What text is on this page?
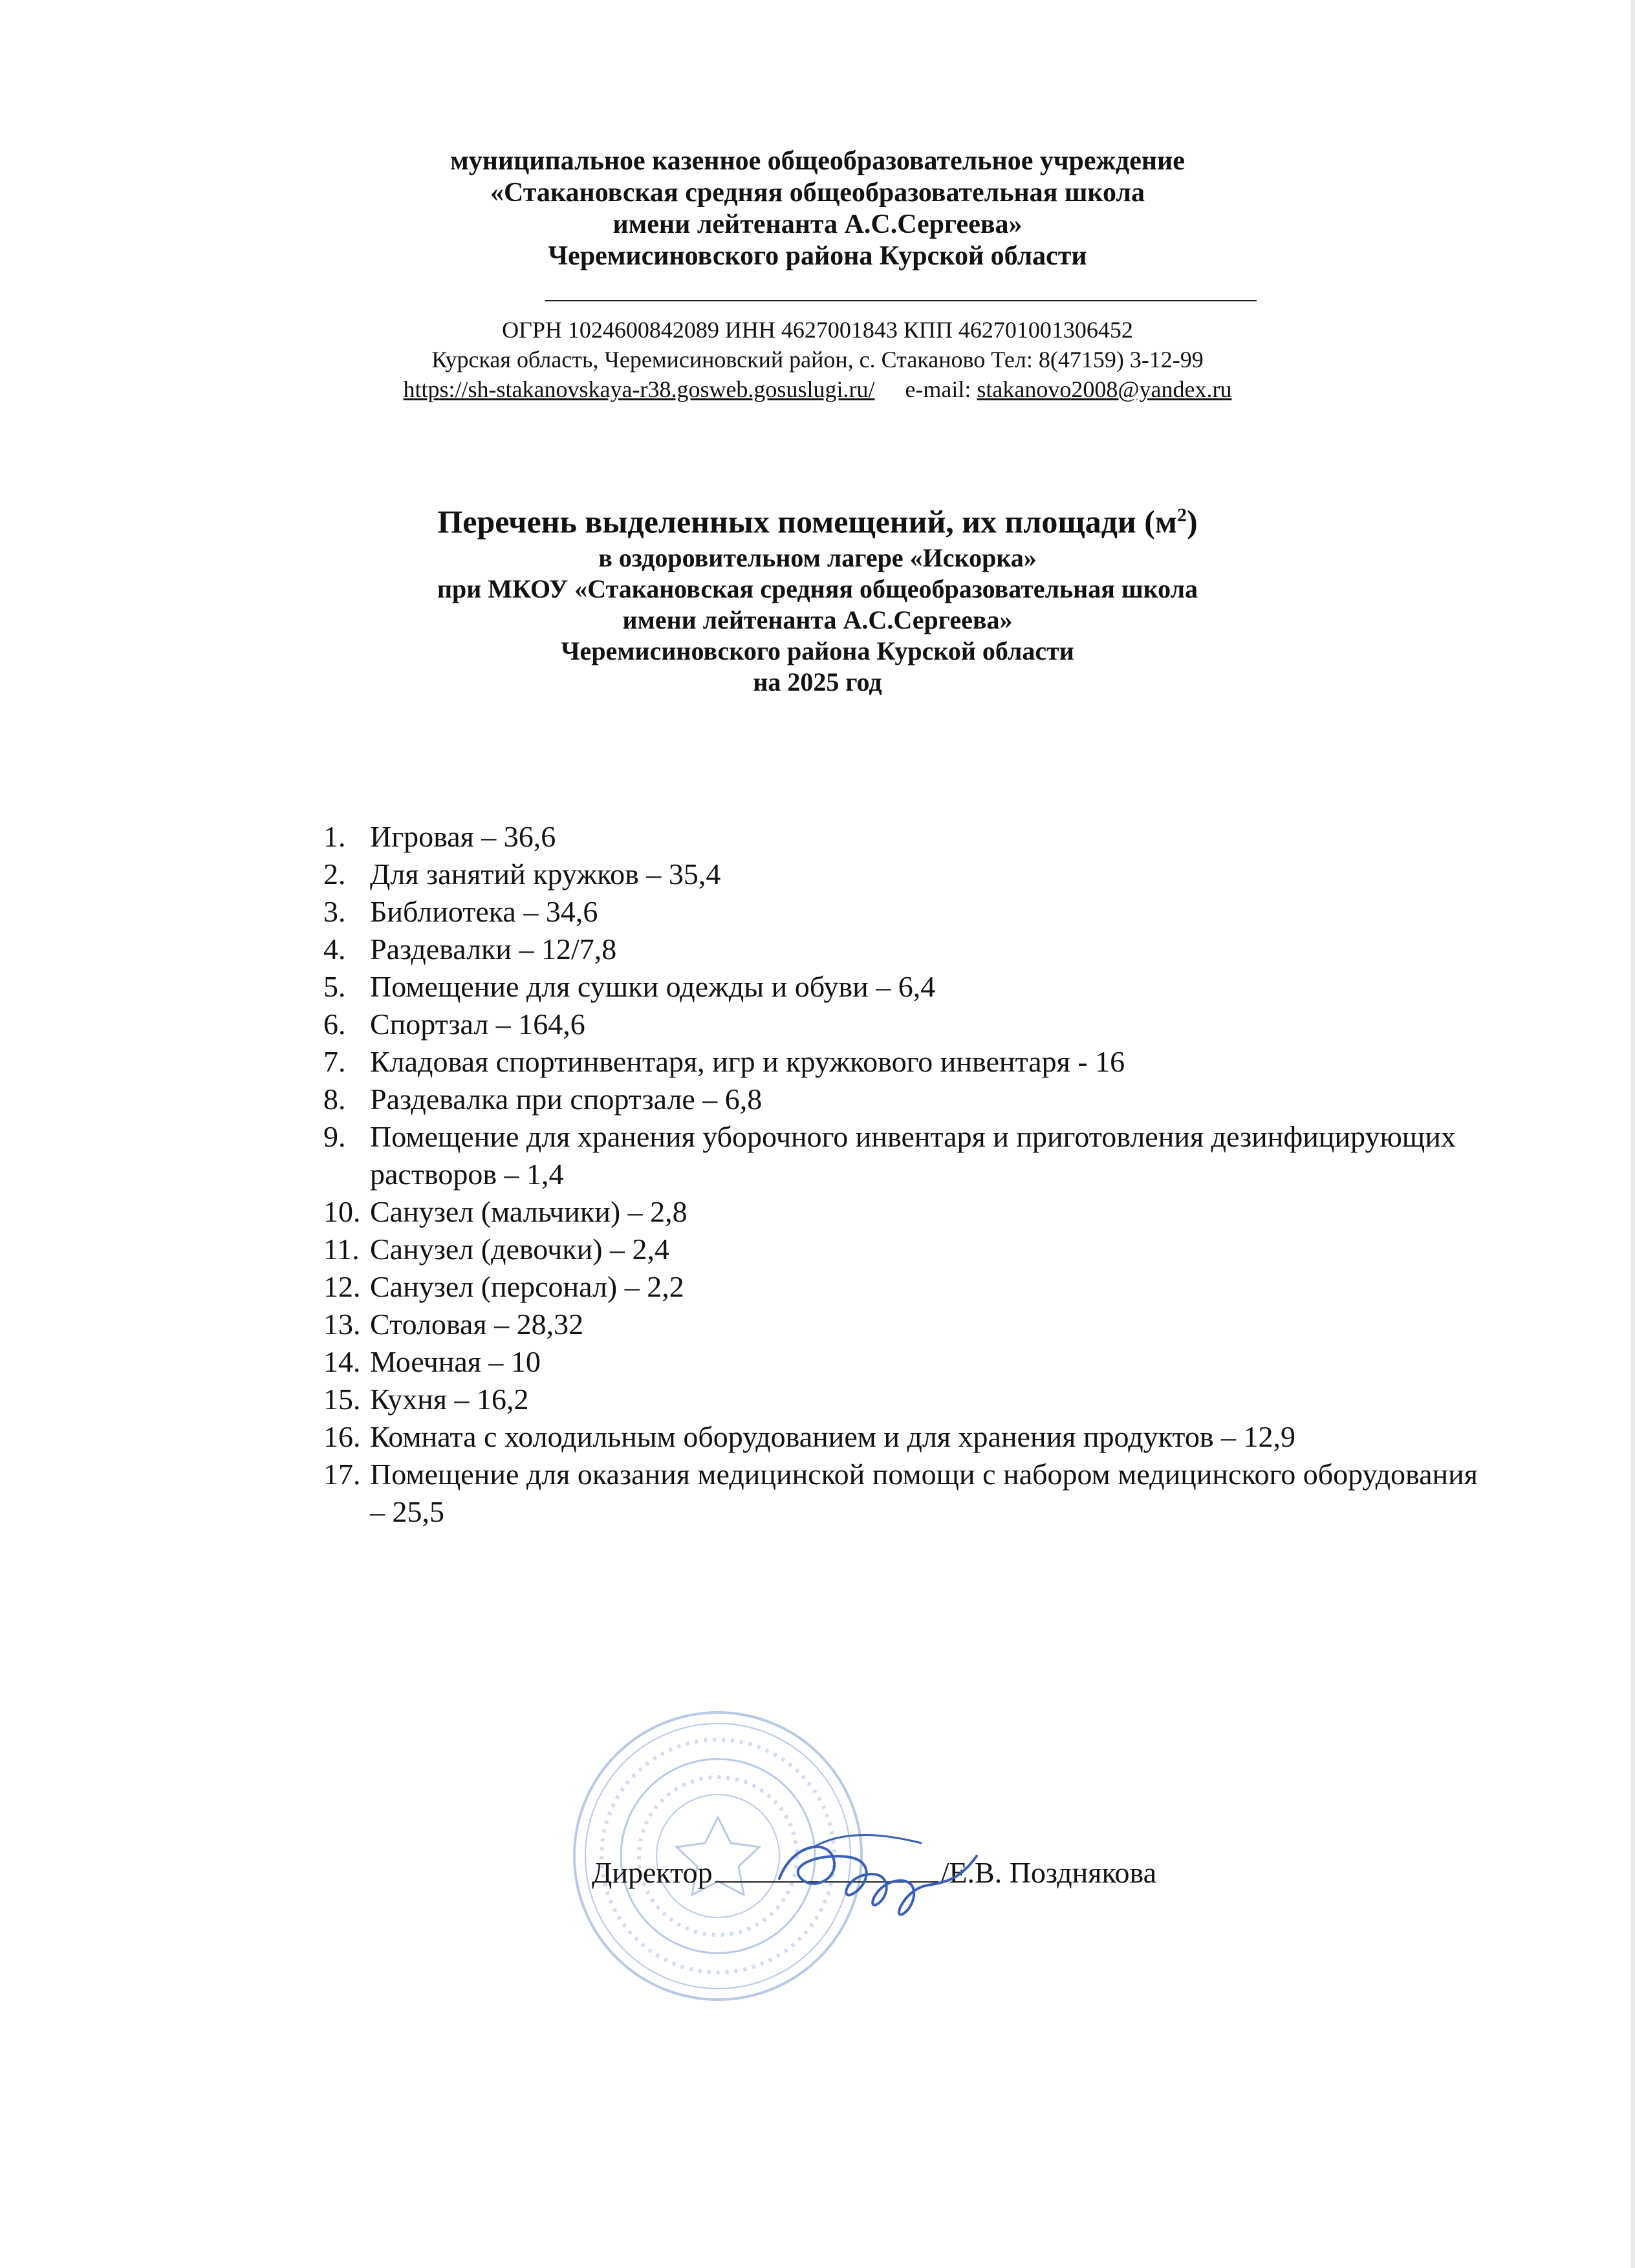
муниципальное казенное общеобразовательное учреждение
«Стакановская средняя общеобразовательная школа
имени лейтенанта А.С.Сергеева»
Черемисиновского района Курской области
ОГРН 1024600842089 ИНН 4627001843 КПП 462701001306452
Курская область, Черемисиновский район, с. Стаканово Тел: 8(47159) 3-12-99
https://sh-stakanovskaya-r38.gosweb.gosuslugi.ru/ e-mail: stakanovo2008@yandex.ru
Перечень выделенных помещений, их площади $(м^2)$
в оздоровительном лагере «Искорка»
при МКОУ «Стакановская средняя общеобразовательная школа
имени лейтенанта А.С.Сергеева»
Черемисиновского района Курской области
на 2025 год
1. Игровая – 36,6
2. Для занятий кружков – 35,4
3. Библиотека – 34,6
4. Раздевалки – 12/7,8
5. Помещение для сушки одежды и обуви – 6,4
6. Спортзал – 164,6
7. Кладовая спортинвентаря, игр и кружкового инвентаря - 16
8. Раздевалка при спортзале – 6,8
9. Помещение для хранения уборочного инвентаря и приготовления дезинфицирующих растворов – 1,4
10. Санузел (мальчики) – 2,8
11. Санузел (девочки) – 2,4
12. Санузел (персонал) – 2,2
13. Столовая – 28,32
14. Моечная – 10
15. Кухня – 16,2
16. Комната с холодильным оборудованием и для хранения продуктов – 12,9
17. Помещение для оказания медицинской помощи с набором медицинского оборудования – 25,5
Директор	/Е.В. Позднякова
